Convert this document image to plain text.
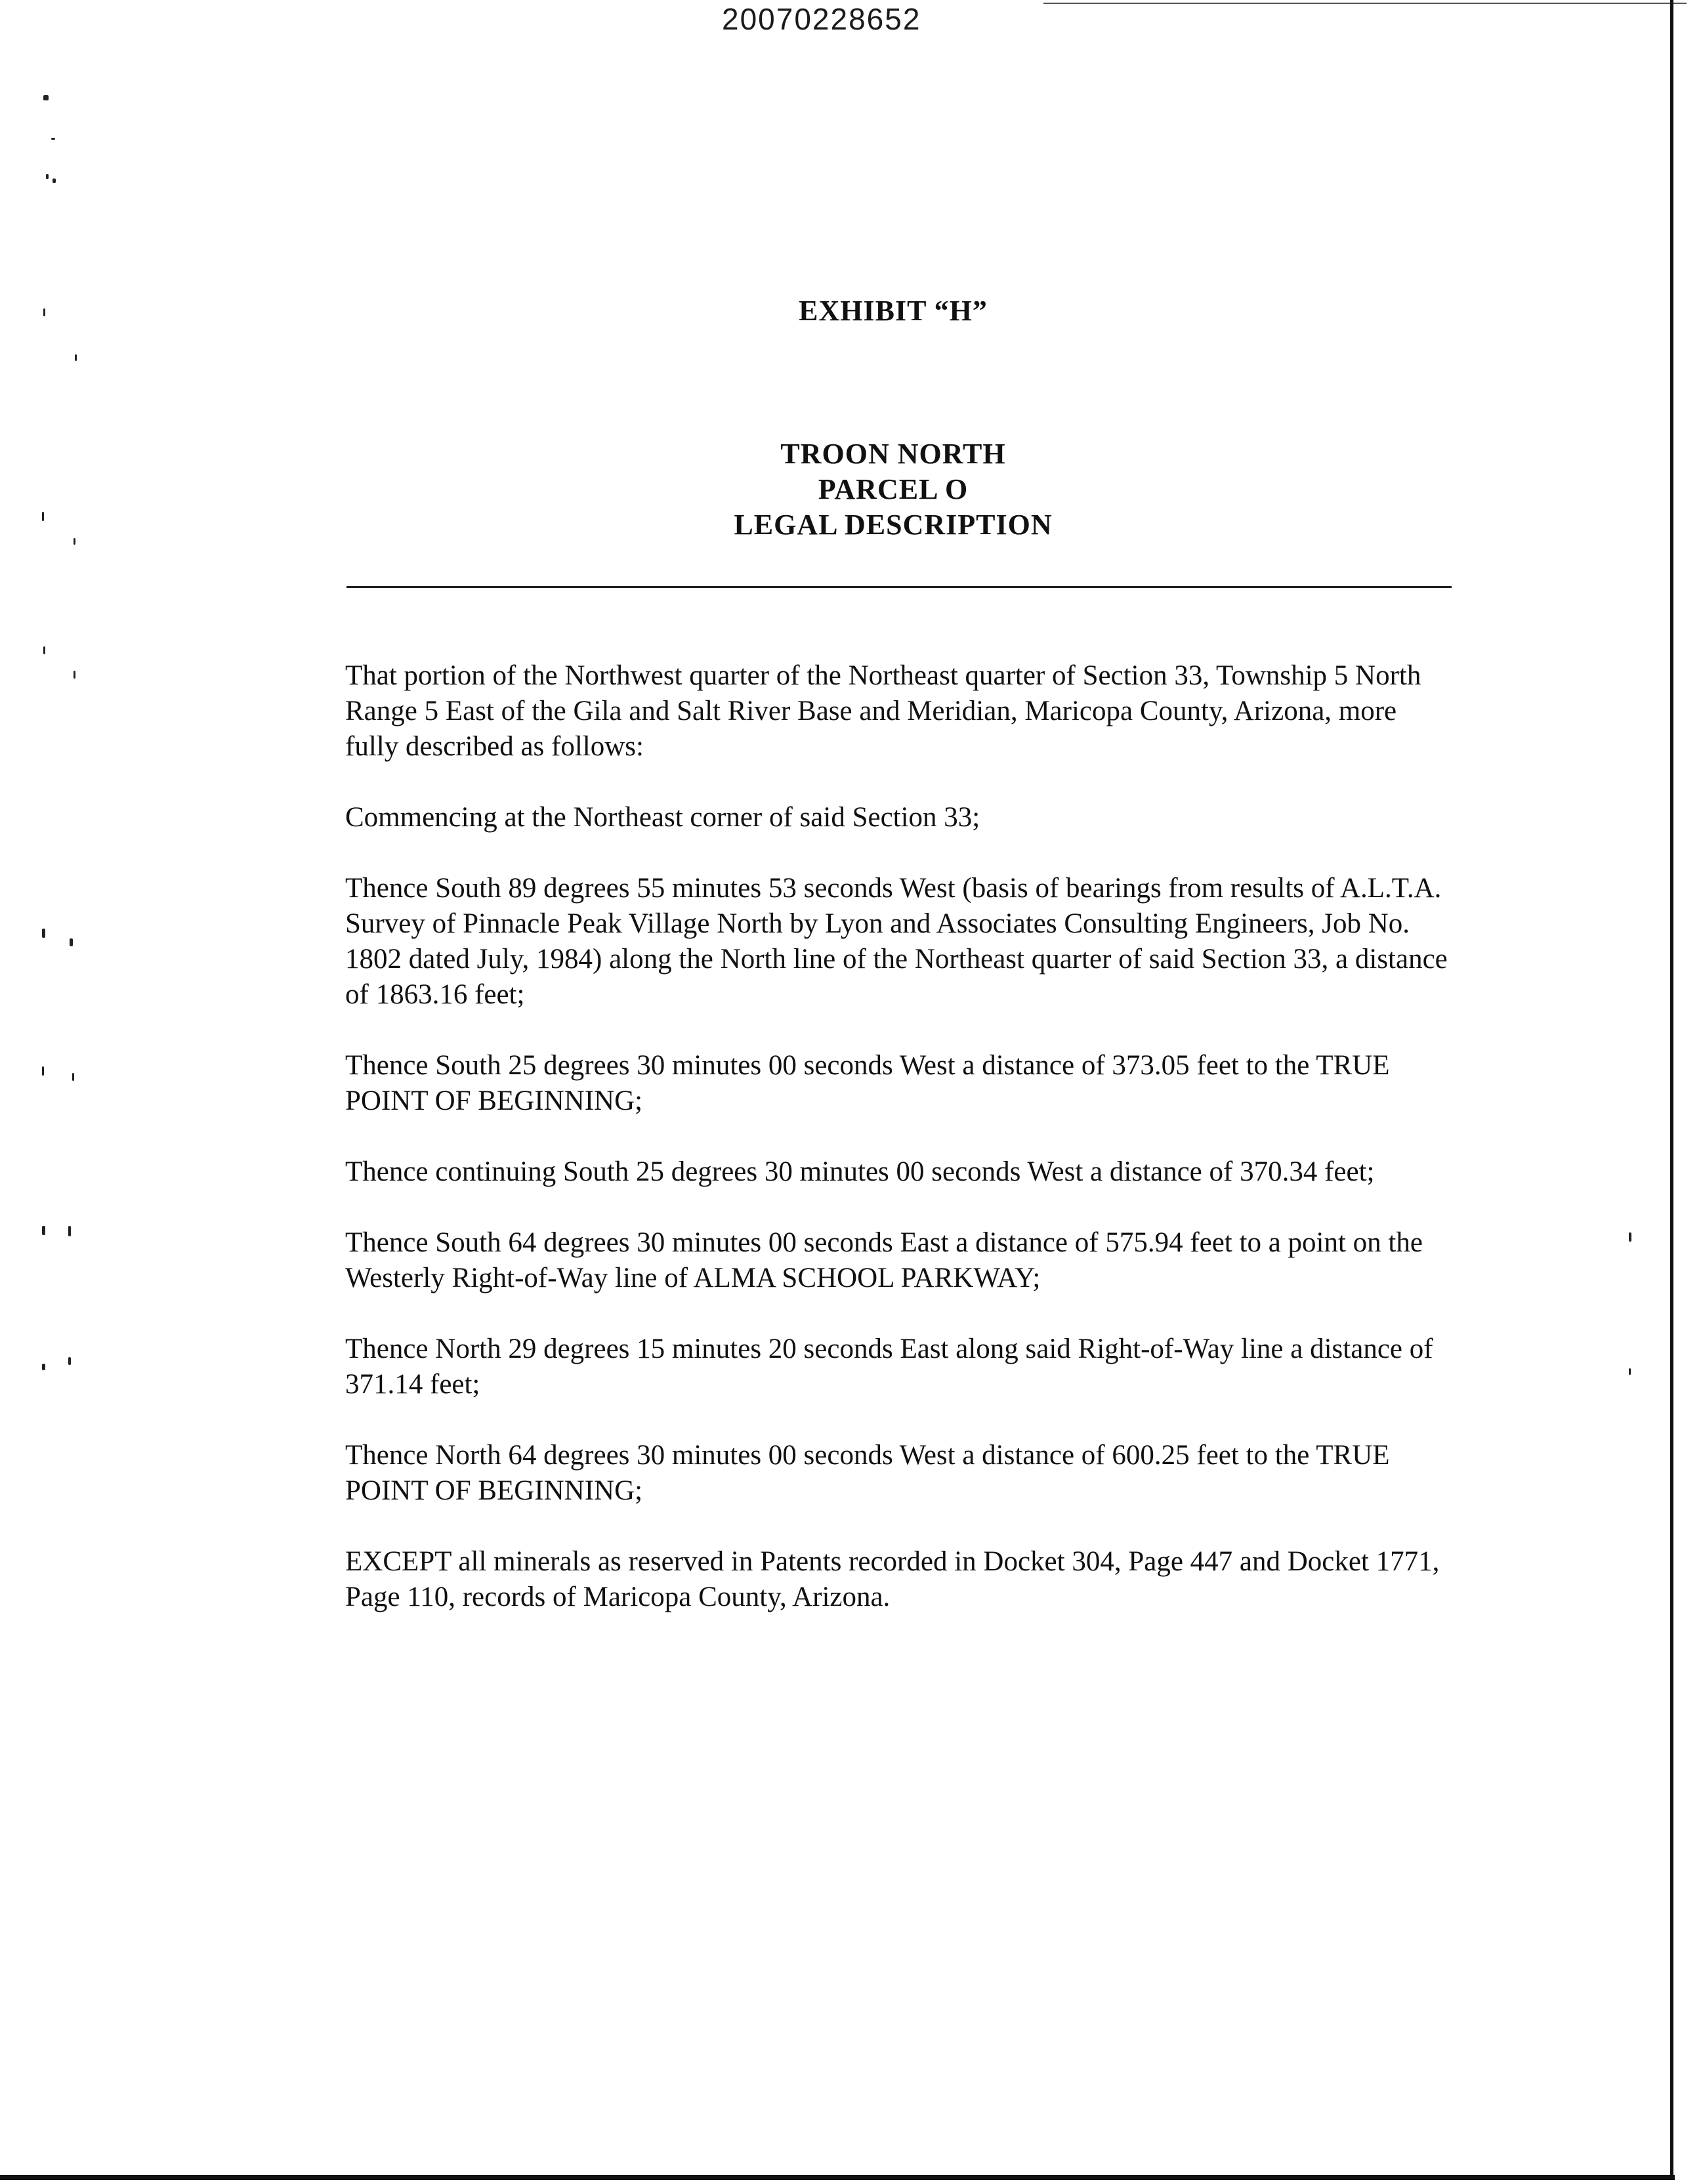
20070228652
EXHIBIT “H”
TROON NORTH
PARCEL O
LEGAL DESCRIPTION

That portion of the Northwest quarter of the Northeast quarter of Section 33, Township 5 North Range 5 East of the Gila and Salt River Base and Meridian, Maricopa County, Arizona, more fully described as follows:

Commencing at the Northeast corner of said Section 33;

Thence South 89 degrees 55 minutes 53 seconds West (basis of bearings from results of A.L.T.A. Survey of Pinnacle Peak Village North by Lyon and Associates Consulting Engineers, Job No. 1802 dated July, 1984) along the North line of the Northeast quarter of said Section 33, a distance of 1863.16 feet;

Thence South 25 degrees 30 minutes 00 seconds West a distance of 373.05 feet to the TRUE POINT OF BEGINNING;

Thence continuing South 25 degrees 30 minutes 00 seconds West a distance of 370.34 feet;

Thence South 64 degrees 30 minutes 00 seconds East a distance of 575.94 feet to a point on the Westerly Right-of-Way line of ALMA SCHOOL PARKWAY;

Thence North 29 degrees 15 minutes 20 seconds East along said Right-of-Way line a distance of 371.14 feet;

Thence North 64 degrees 30 minutes 00 seconds West a distance of 600.25 feet to the TRUE POINT OF BEGINNING;

EXCEPT all minerals as reserved in Patents recorded in Docket 304, Page 447 and Docket 1771, Page 110, records of Maricopa County, Arizona.
